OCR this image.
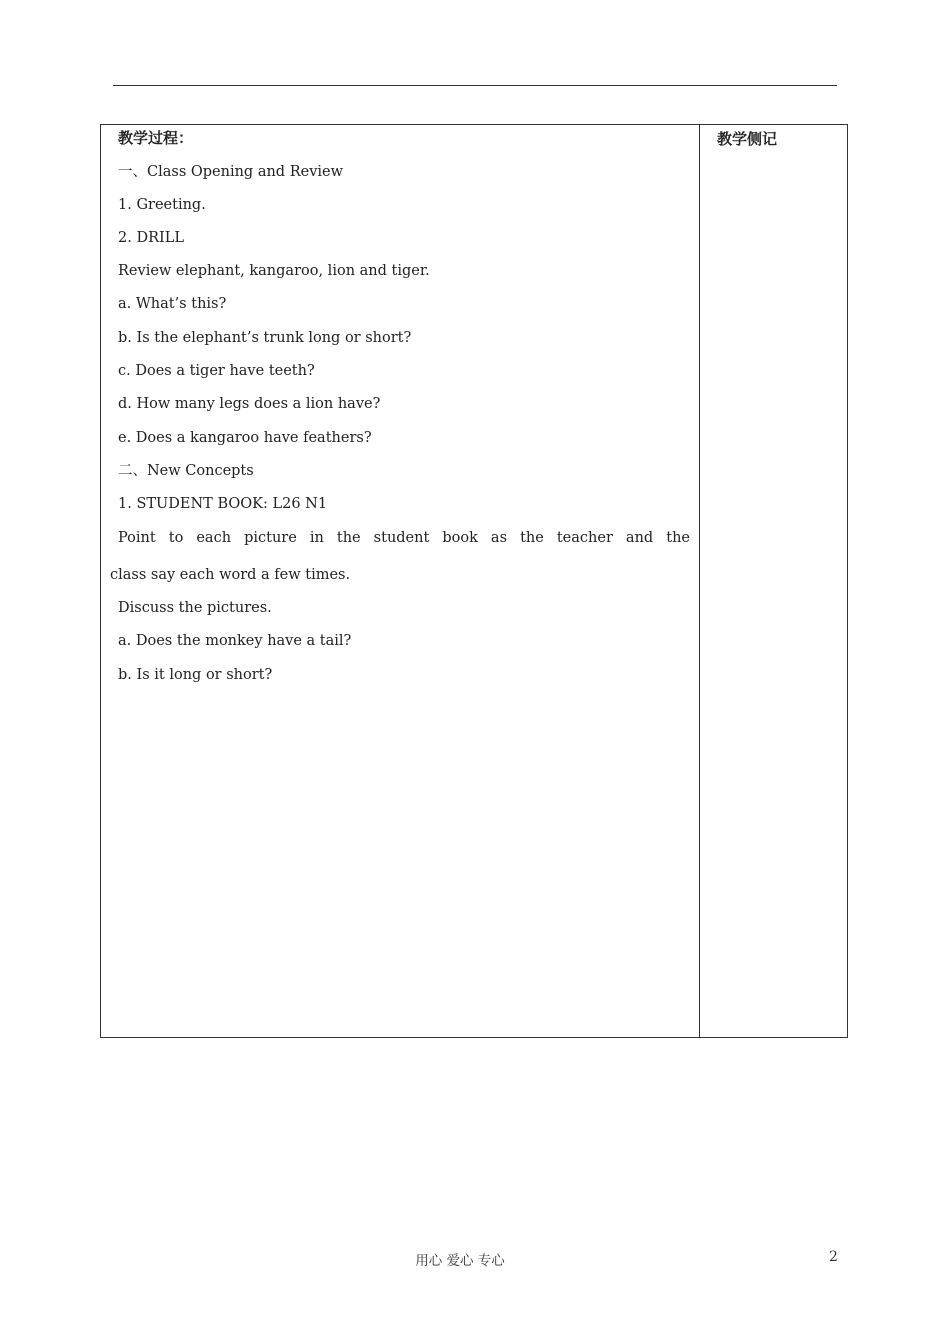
教学侧记
教学过程：
一、Class Opening and Review
1. Greeting.
2. DRILL
Review elephant, kangaroo, lion and tiger.
a. What’s this?
b. Is the elephant’s trunk long or short?
c. Does a tiger have teeth?
d. How many legs does a lion have?
e. Does a kangaroo have feathers?
二、New Concepts
1. STUDENT BOOK: L26 N1
Point to each picture in the student book as the teacher and the
class say each word a few times.
Discuss the pictures.
a. Does the monkey have a tail?
b. Is it long or short?
用心 爱心 专心	2
